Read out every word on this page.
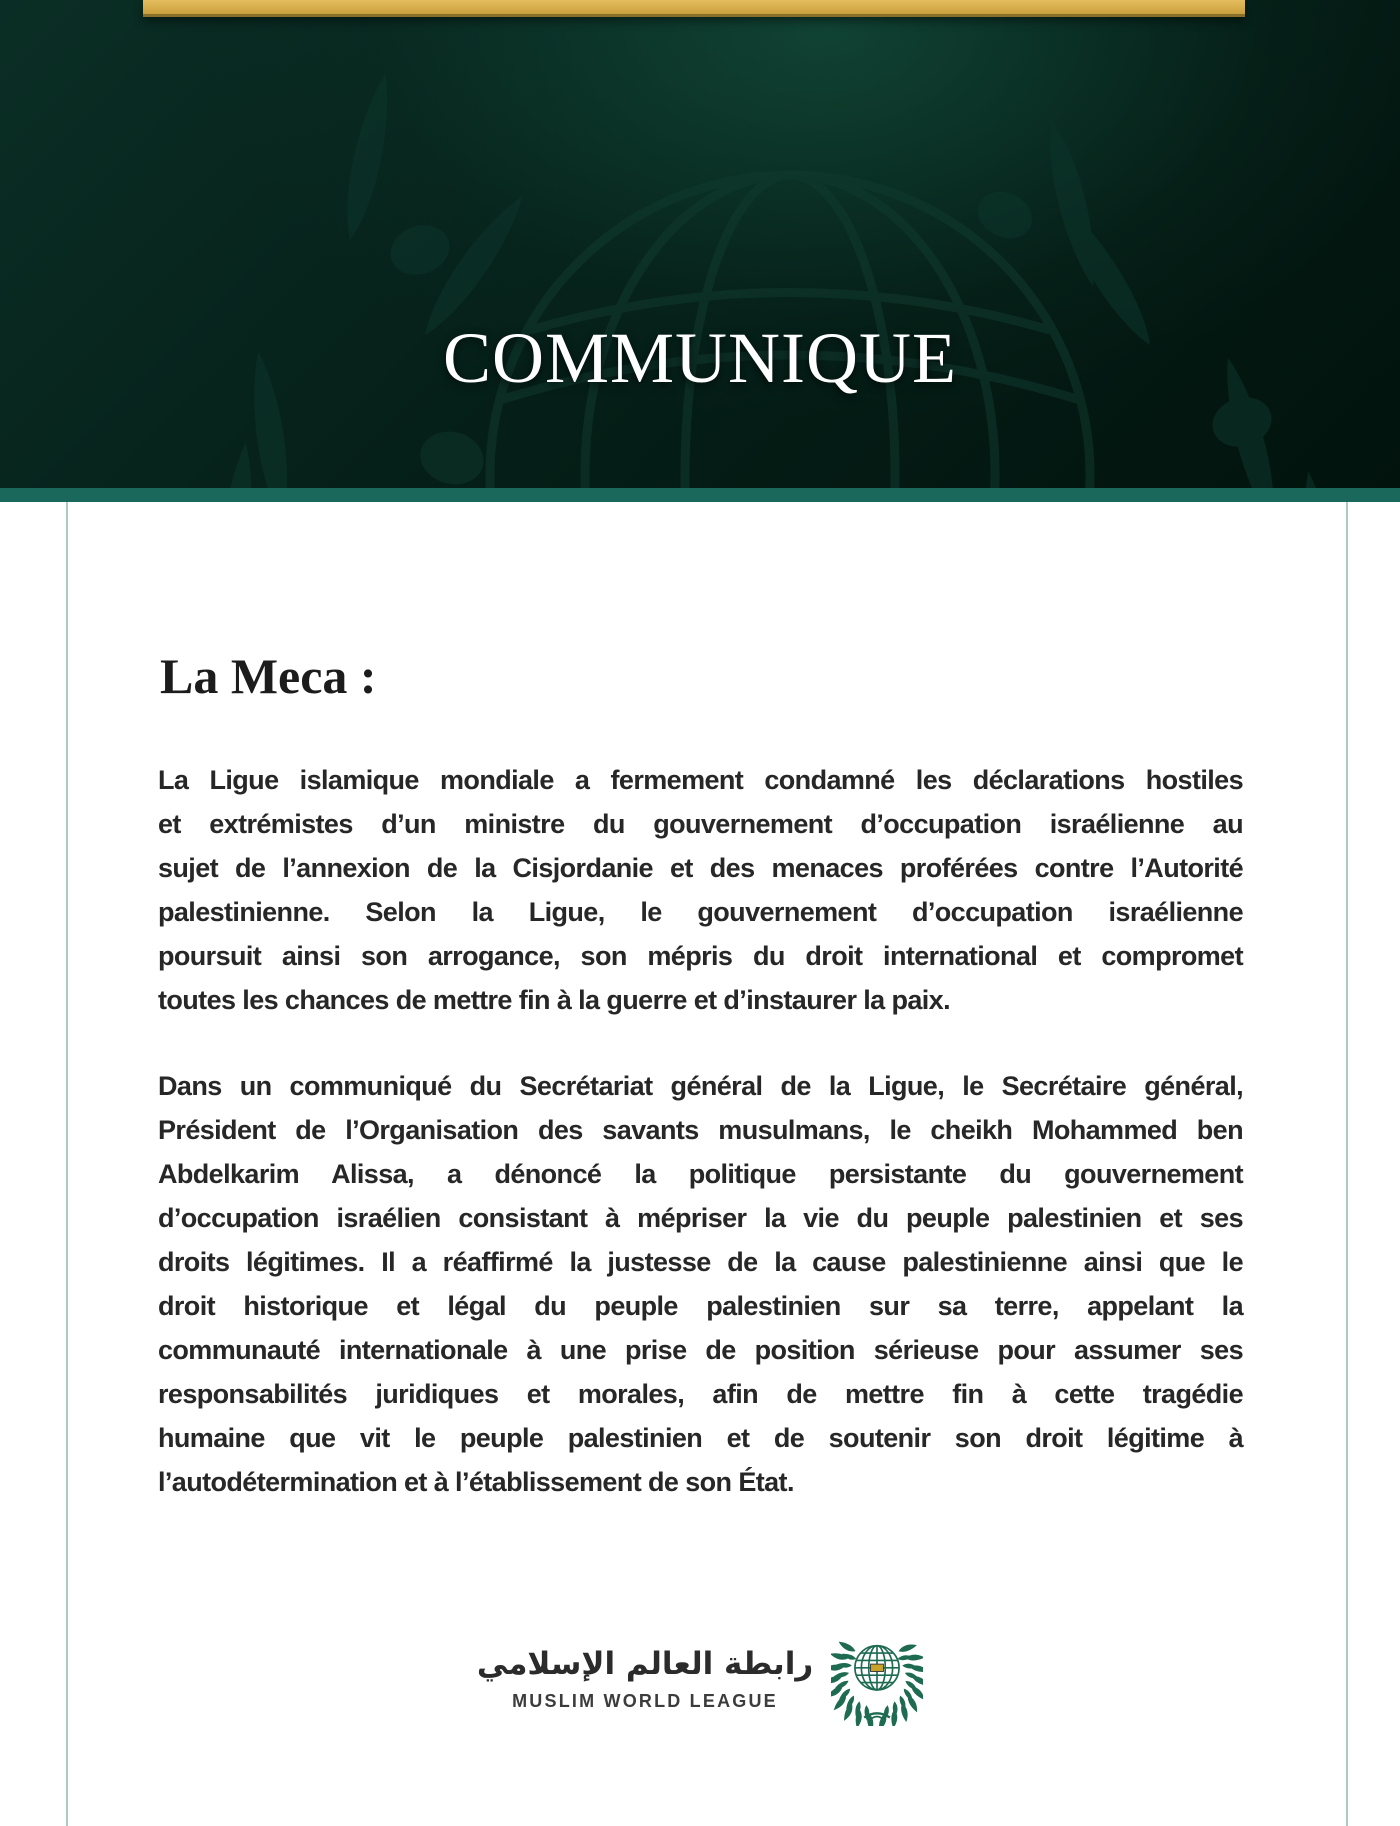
COMMUNIQUE
La Meca :
La Ligue islamique mondiale a fermement condamné les déclarations hostiles
et extrémistes d’un ministre du gouvernement d’occupation israélienne au
sujet de l’annexion de la Cisjordanie et des menaces proférées contre l’Autorité
palestinienne. Selon la Ligue, le gouvernement d’occupation israélienne
poursuit ainsi son arrogance, son mépris du droit international et compromet
toutes les chances de mettre fin à la guerre et d’instaurer la paix.
Dans un communiqué du Secrétariat général de la Ligue, le Secrétaire général,
Président de l’Organisation des savants musulmans, le cheikh Mohammed ben
Abdelkarim Alissa, a dénoncé la politique persistante du gouvernement
d’occupation israélien consistant à mépriser la vie du peuple palestinien et ses
droits légitimes. Il a réaffirmé la justesse de la cause palestinienne ainsi que le
droit historique et légal du peuple palestinien sur sa terre, appelant la
communauté internationale à une prise de position sérieuse pour assumer ses
responsabilités juridiques et morales, afin de mettre fin à cette tragédie
humaine que vit le peuple palestinien et de soutenir son droit légitime à
l’autodétermination et à l’établissement de son État.
رابطة العالم الإسلامي
MUSLIM WORLD LEAGUE
